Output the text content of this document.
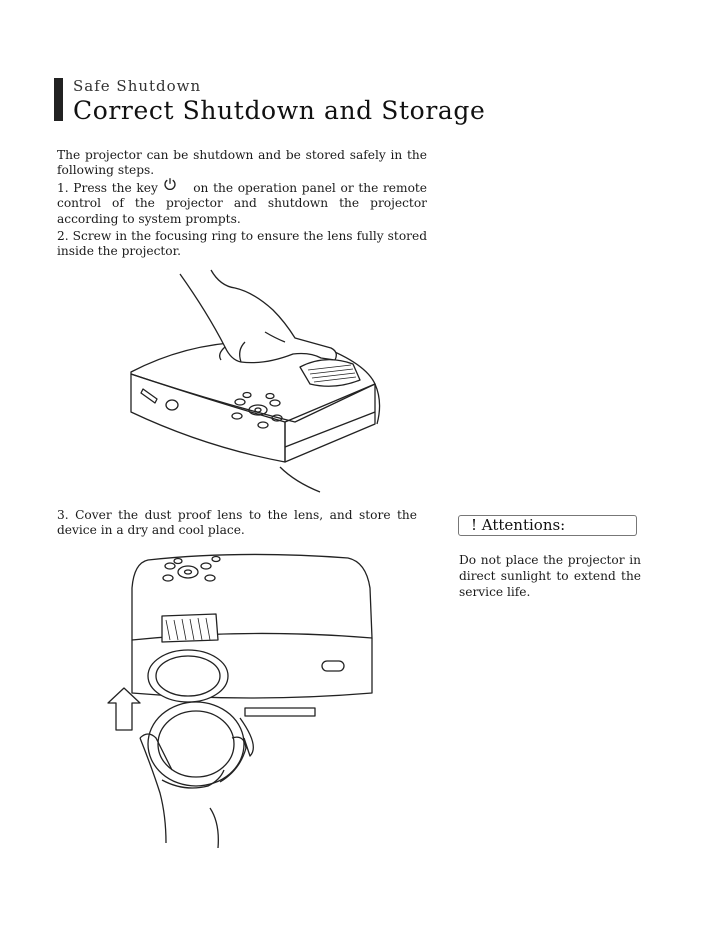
Safe Shutdown
Correct Shutdown and Storage
The projector can be shutdown and be stored safely in the following steps.
1. Press the key	on the operation panel or the remote control of the projector and shutdown the projector according to system prompts.
2. Screw in the focusing ring to ensure the lens fully stored inside the projector.
3. Cover the dust proof lens to the lens, and store the device in a dry and cool place.	! Attentions:
Do not place the projector in direct sunlight to extend the service life.
